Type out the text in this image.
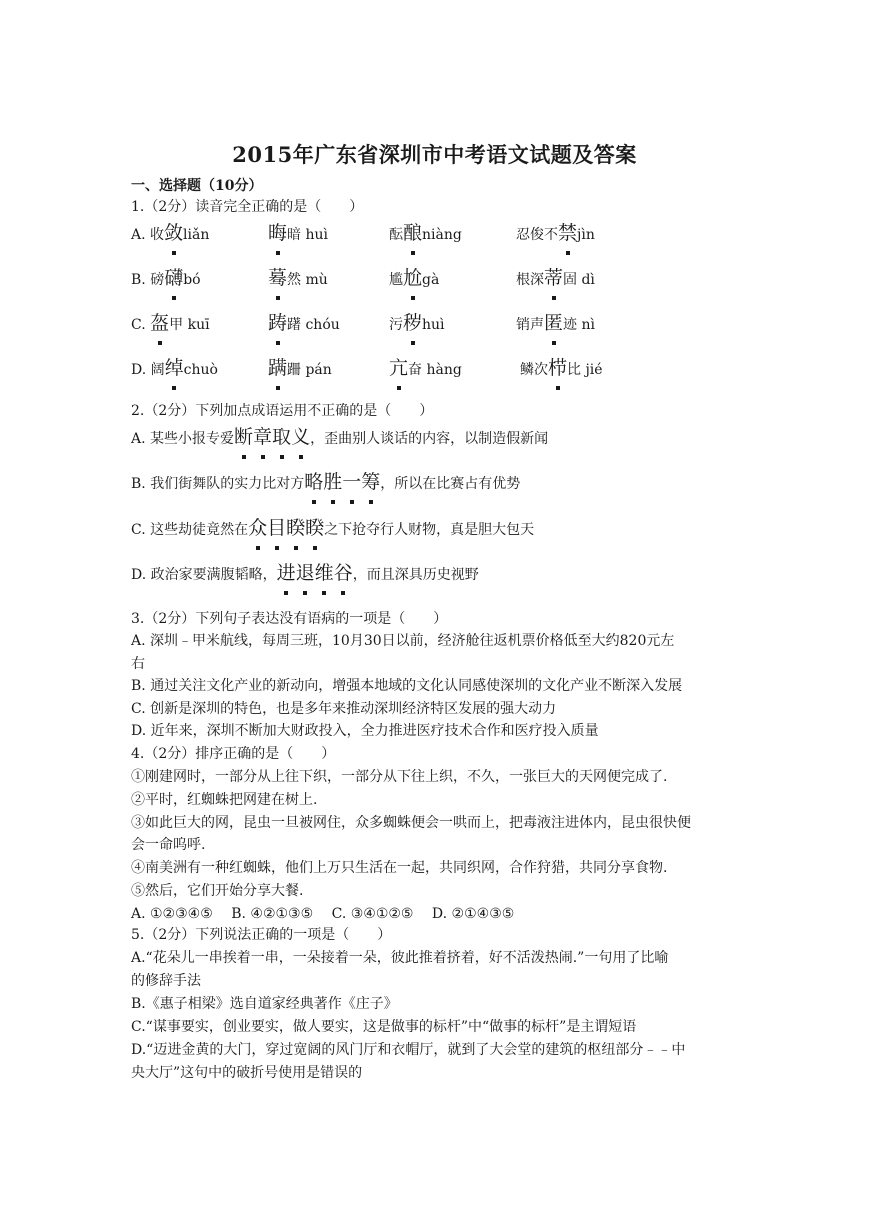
2015年广东省深圳市中考语文试题及答案
一、选择题（10分）
1.（2分）读音完全正确的是（　　）
A. 收敛liǎn	晦暗 huì	酝酿niàng	忍俊不禁jìn
B. 磅礴bó	蓦然 mù	尴尬gà	根深蒂固 dì
C. 盔甲 kuī	踌躇 chóu	污秽huì	销声匿迹 nì
D. 阔绰chuò	蹒跚 pán	亢奋 hàng	鳞次栉比 jié
2.（2分）下列加点成语运用不正确的是（　　）
A. 某些小报专爱断章取义，歪曲别人谈话的内容，以制造假新闻
B. 我们街舞队的实力比对方略胜一筹，所以在比赛占有优势
C. 这些劫徒竟然在众目睽睽之下抢夺行人财物，真是胆大包天
D. 政治家要满腹韬略，进退维谷，而且深具历史视野
3.（2分）下列句子表达没有语病的一项是（　　）
A. 深圳﹣甲米航线，每周三班，10月30日以前，经济舱往返机票价格低至大约820元左
右
B. 通过关注文化产业的新动向，增强本地域的文化认同感使深圳的文化产业不断深入发展
C. 创新是深圳的特色，也是多年来推动深圳经济特区发展的强大动力
D. 近年来，深圳不断加大财政投入，全力推进医疗技术合作和医疗投入质量
4.（2分）排序正确的是（　　）
①刚建网时，一部分从上往下织，一部分从下往上织，不久，一张巨大的天网便完成了.
②平时，红蜘蛛把网建在树上.
③如此巨大的网，昆虫一旦被网住，众多蜘蛛便会一哄而上，把毒液注进体内，昆虫很快便
会一命呜呼.
④南美洲有一种红蜘蛛，他们上万只生活在一起，共同织网，合作狩猎，共同分享食物.
⑤然后，它们开始分享大餐.
A. ①②③④⑤　 B. ④②①③⑤　 C. ③④①②⑤　 D. ②①④③⑤
5.（2分）下列说法正确的一项是（　　）
A.“花朵儿一串挨着一串，一朵接着一朵，彼此推着挤着，好不活泼热闹.”一句用了比喻
的修辞手法
B.《惠子相梁》选自道家经典著作《庄子》
C.“谋事要实，创业要实，做人要实，这是做事的标杆”中“做事的标杆”是主谓短语
D.“迈进金黄的大门，穿过宽阔的风门厅和衣帽厅，就到了大会堂的建筑的枢纽部分﹣﹣中
央大厅”这句中的破折号使用是错误的
